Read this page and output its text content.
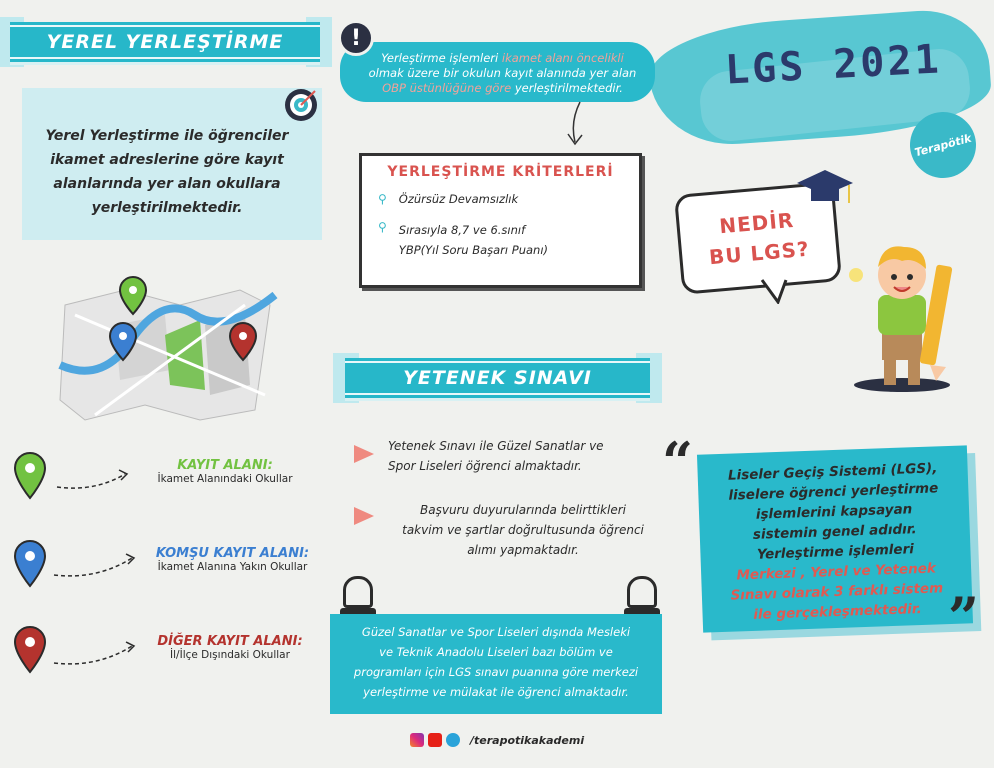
LGS 2021
Terapötik
YEREL YERLEŞTİRME
Yerleştirme işlemleri ikamet alanı öncelikli olmak üzere bir okulun kayıt alanında yer alan OBP üstünlüğüne göre yerleştirilmektedir.
!
Yerel Yerleştirme ile öğrenciler ikamet adreslerine göre kayıt alanlarında yer alan okullara yerleştirilmektedir.
YERLEŞTİRME KRİTERLERİ
⚲ Özürsüz Devamsızlık
⚲ Sırasıyla 8,7 ve 6.sınıf
YBP(Yıl Soru Başarı Puanı)
NEDİR
BU LGS?
KAYIT ALANI:
İkamet Alanındaki Okullar
KOMŞU KAYIT ALANI:
İkamet Alanına Yakın Okullar
DİĞER KAYIT ALANI:
İl/İlçe Dışındaki Okullar
YETENEK SINAVI
Yetenek Sınavı ile Güzel Sanatlar ve
Spor Liseleri öğrenci almaktadır.
Başvuru duyurularında belirttikleri
takvim ve şartlar doğrultusunda öğrenci
alımı yapmaktadır.
Güzel Sanatlar ve Spor Liseleri dışında Mesleki
ve Teknik Anadolu Liseleri bazı bölüm ve
programları için LGS sınavı puanına göre merkezi
yerleştirme ve mülakat ile öğrenci almaktadır.
“	Liseler Geçiş Sistemi (LGS),
liselere öğrenci yerleştirme
işlemlerini kapsayan
sistemin genel adıdır.
Yerleştirme işlemleri
Merkezi , Yerel ve Yetenek
Sınavı olarak 3 farklı sistem
ile gerçekleşmektedir. ”
/terapotikakademi
